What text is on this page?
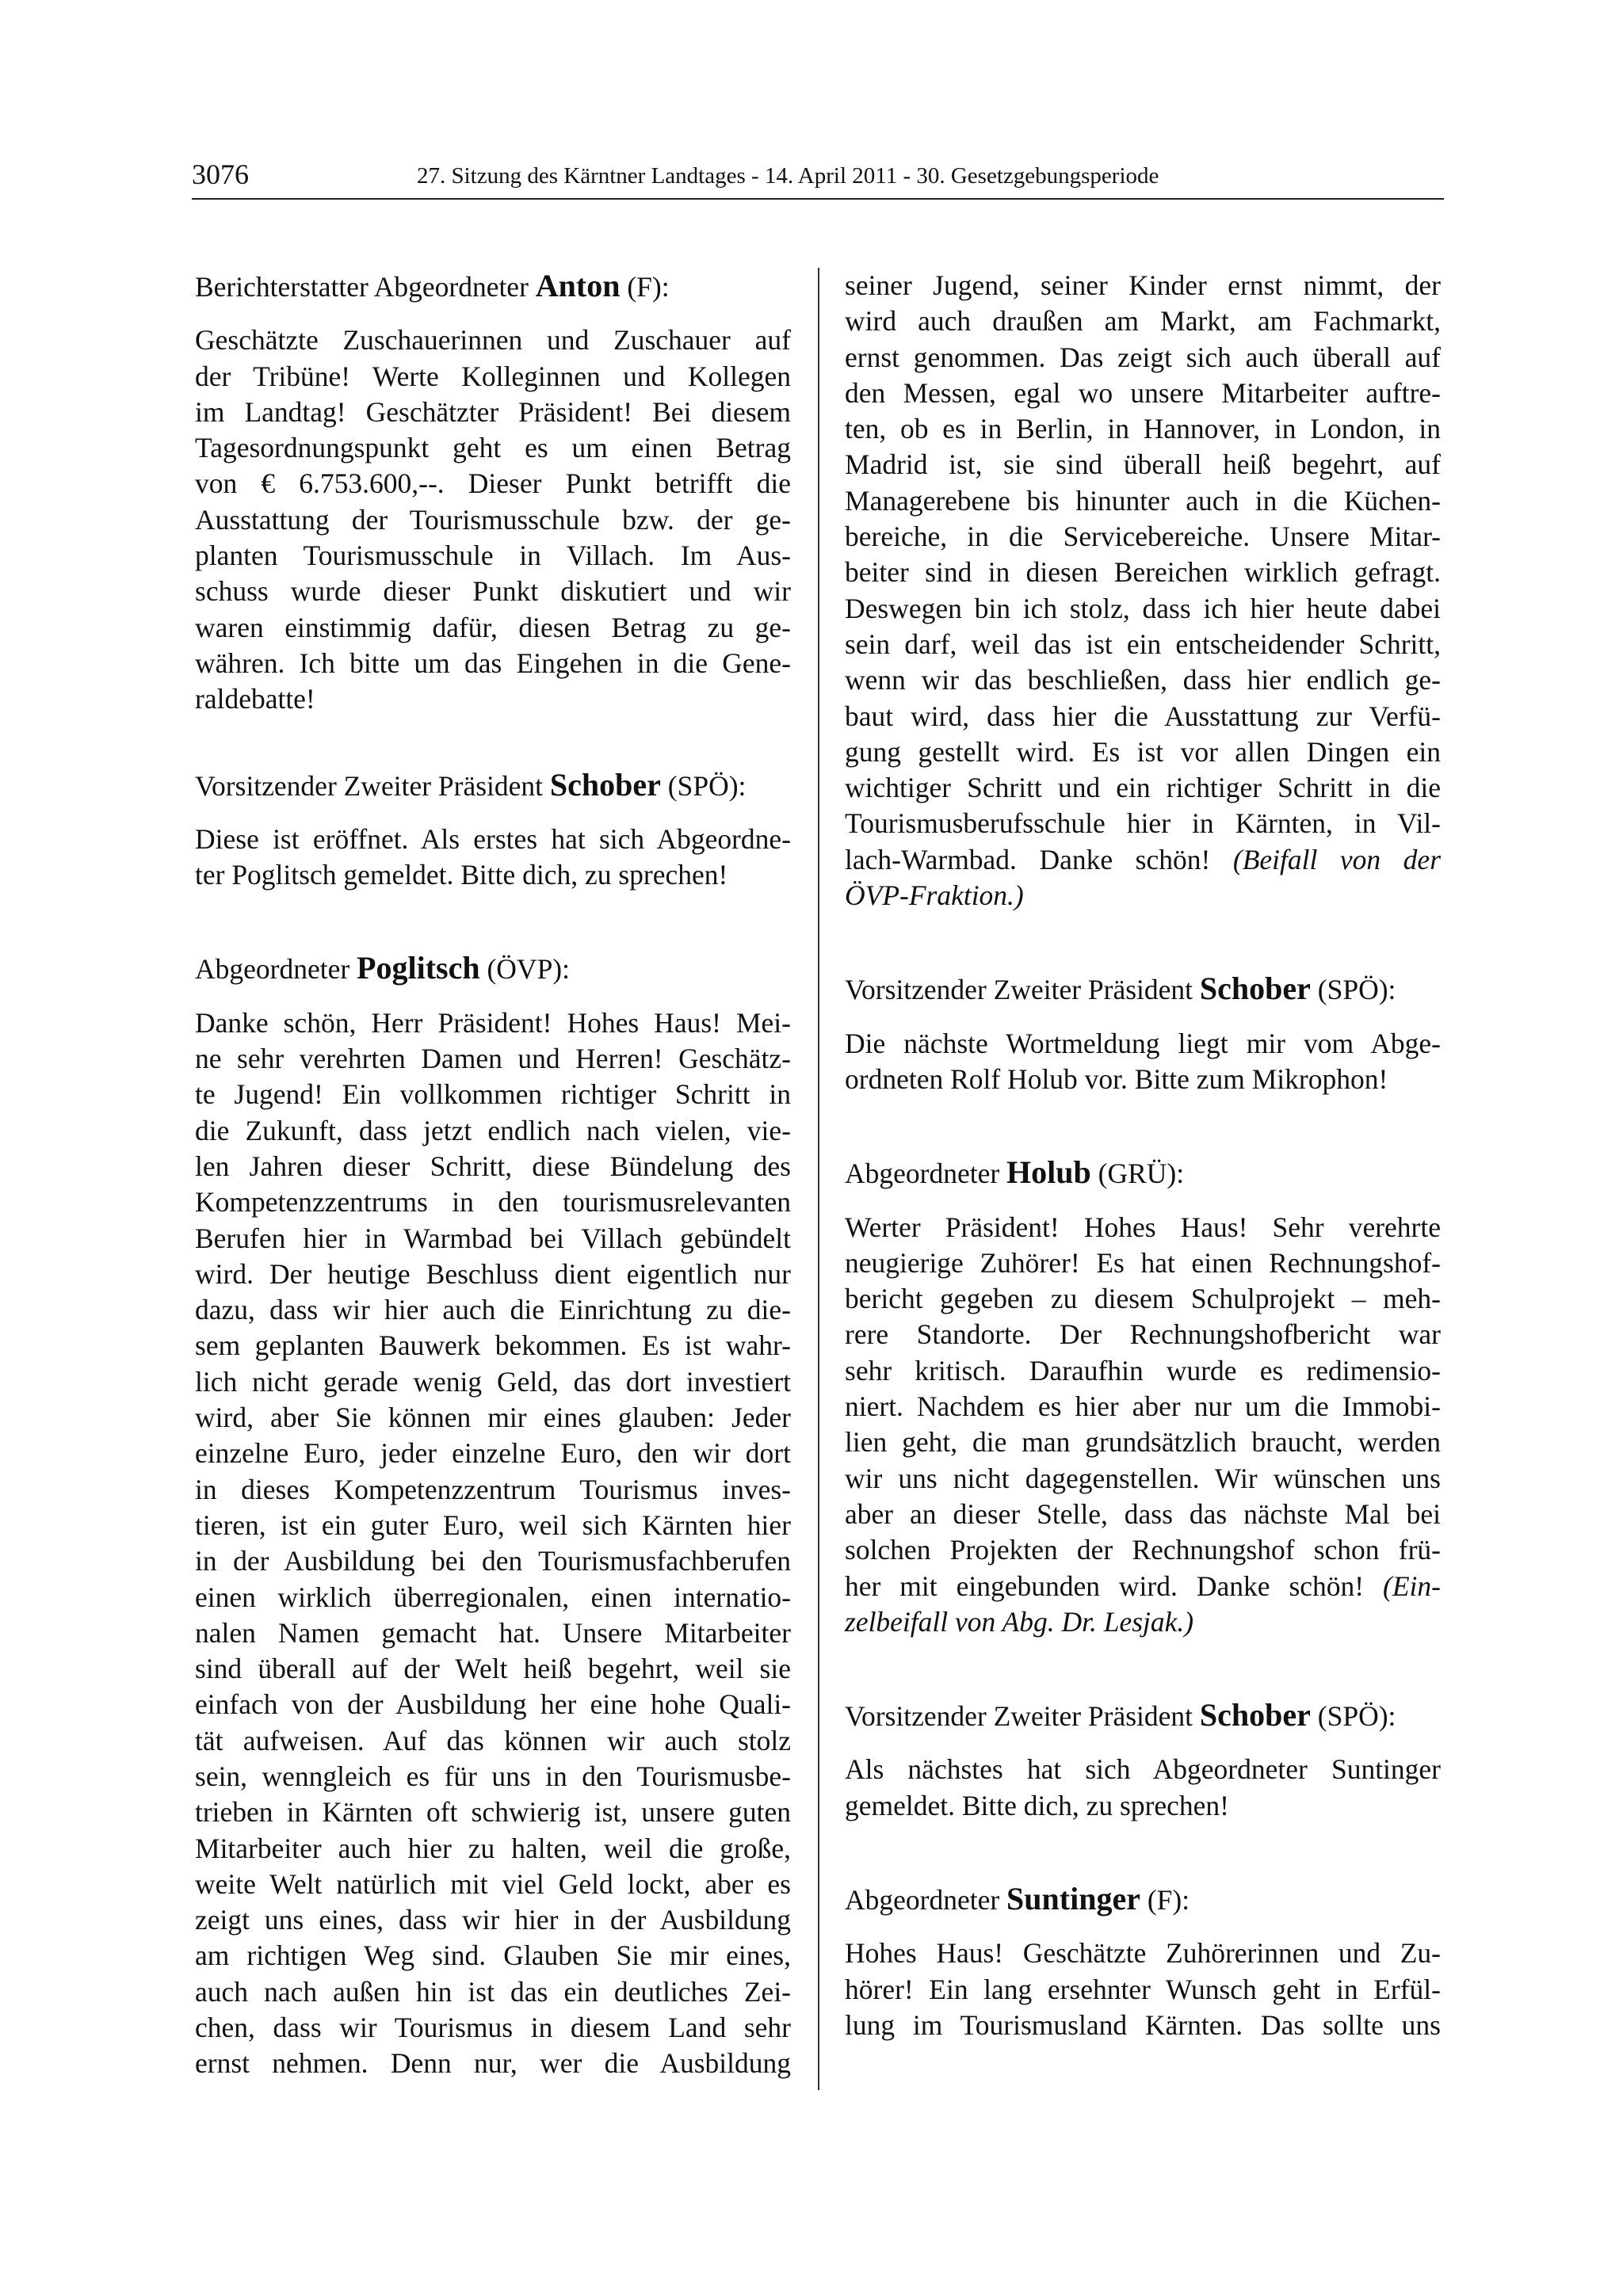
3076	27. Sitzung des Kärntner Landtages - 14. April 2011 - 30. Gesetzgebungsperiode

Berichterstatter Abgeordneter Anton (F):

Geschätzte Zuschauerinnen und Zuschauer auf
der Tribüne! Werte Kolleginnen und Kollegen
im Landtag! Geschätzter Präsident! Bei diesem
Tagesordnungspunkt geht es um einen Betrag
von € 6.753.600,--. Dieser Punkt betrifft die
Ausstattung der Tourismusschule bzw. der ge-
planten Tourismusschule in Villach. Im Aus-
schuss wurde dieser Punkt diskutiert und wir
waren einstimmig dafür, diesen Betrag zu ge-
währen. Ich bitte um das Eingehen in die Gene-
raldebatte!

Vorsitzender Zweiter Präsident Schober (SPÖ):

Diese ist eröffnet. Als erstes hat sich Abgeordne-
ter Poglitsch gemeldet. Bitte dich, zu sprechen!

Abgeordneter Poglitsch (ÖVP):

Danke schön, Herr Präsident! Hohes Haus! Mei-
ne sehr verehrten Damen und Herren! Geschätz-
te Jugend! Ein vollkommen richtiger Schritt in
die Zukunft, dass jetzt endlich nach vielen, vie-
len Jahren dieser Schritt, diese Bündelung des
Kompetenzzentrums in den tourismusrelevanten
Berufen hier in Warmbad bei Villach gebündelt
wird. Der heutige Beschluss dient eigentlich nur
dazu, dass wir hier auch die Einrichtung zu die-
sem geplanten Bauwerk bekommen. Es ist wahr-
lich nicht gerade wenig Geld, das dort investiert
wird, aber Sie können mir eines glauben: Jeder
einzelne Euro, jeder einzelne Euro, den wir dort
in dieses Kompetenzzentrum Tourismus inves-
tieren, ist ein guter Euro, weil sich Kärnten hier
in der Ausbildung bei den Tourismusfachberufen
einen wirklich überregionalen, einen internatio-
nalen Namen gemacht hat. Unsere Mitarbeiter
sind überall auf der Welt heiß begehrt, weil sie
einfach von der Ausbildung her eine hohe Quali-
tät aufweisen. Auf das können wir auch stolz
sein, wenngleich es für uns in den Tourismusbe-
trieben in Kärnten oft schwierig ist, unsere guten
Mitarbeiter auch hier zu halten, weil die große,
weite Welt natürlich mit viel Geld lockt, aber es
zeigt uns eines, dass wir hier in der Ausbildung
am richtigen Weg sind. Glauben Sie mir eines,
auch nach außen hin ist das ein deutliches Zei-
chen, dass wir Tourismus in diesem Land sehr
ernst nehmen. Denn nur, wer die Ausbildung
seiner Jugend, seiner Kinder ernst nimmt, der
wird auch draußen am Markt, am Fachmarkt,
ernst genommen. Das zeigt sich auch überall auf
den Messen, egal wo unsere Mitarbeiter auftre-
ten, ob es in Berlin, in Hannover, in London, in
Madrid ist, sie sind überall heiß begehrt, auf
Managerebene bis hinunter auch in die Küchen-
bereiche, in die Servicebereiche. Unsere Mitar-
beiter sind in diesen Bereichen wirklich gefragt.
Deswegen bin ich stolz, dass ich hier heute dabei
sein darf, weil das ist ein entscheidender Schritt,
wenn wir das beschließen, dass hier endlich ge-
baut wird, dass hier die Ausstattung zur Verfü-
gung gestellt wird. Es ist vor allen Dingen ein
wichtiger Schritt und ein richtiger Schritt in die
Tourismusberufsschule hier in Kärnten, in Vil-
lach-Warmbad. Danke schön! (Beifall von der
ÖVP-Fraktion.)

Vorsitzender Zweiter Präsident Schober (SPÖ):

Die nächste Wortmeldung liegt mir vom Abge-
ordneten Rolf Holub vor. Bitte zum Mikrophon!

Abgeordneter Holub (GRÜ):

Werter Präsident! Hohes Haus! Sehr verehrte
neugierige Zuhörer! Es hat einen Rechnungshof-
bericht gegeben zu diesem Schulprojekt – meh-
rere Standorte. Der Rechnungshofbericht war
sehr kritisch. Daraufhin wurde es redimensio-
niert. Nachdem es hier aber nur um die Immobi-
lien geht, die man grundsätzlich braucht, werden
wir uns nicht dagegenstellen. Wir wünschen uns
aber an dieser Stelle, dass das nächste Mal bei
solchen Projekten der Rechnungshof schon frü-
her mit eingebunden wird. Danke schön! (Ein-
zelbeifall von Abg. Dr. Lesjak.)

Vorsitzender Zweiter Präsident Schober (SPÖ):

Als nächstes hat sich Abgeordneter Suntinger
gemeldet. Bitte dich, zu sprechen!

Abgeordneter Suntinger (F):

Hohes Haus! Geschätzte Zuhörerinnen und Zu-
hörer! Ein lang ersehnter Wunsch geht in Erfül-
lung im Tourismusland Kärnten. Das sollte uns
